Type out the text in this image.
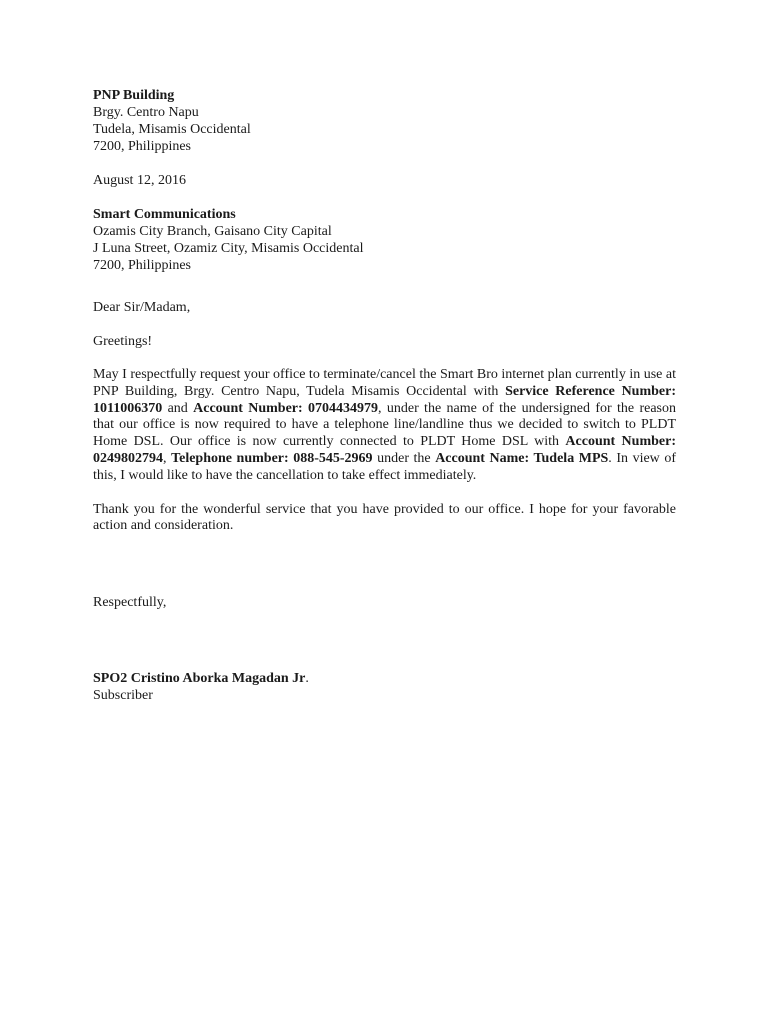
PNP Building
Brgy. Centro Napu
Tudela, Misamis Occidental
7200, Philippines
August 12, 2016
Smart Communications
Ozamis City Branch, Gaisano City Capital
J Luna Street, Ozamiz City, Misamis Occidental
7200, Philippines
Dear Sir/Madam,
Greetings!
May I respectfully request your office to terminate/cancel the Smart Bro internet plan currently in use at PNP Building, Brgy. Centro Napu, Tudela Misamis Occidental with Service Reference Number: 1011006370 and Account Number: 0704434979, under the name of the undersigned for the reason that our office is now required to have a telephone line/landline thus we decided to switch to PLDT Home DSL. Our office is now currently connected to PLDT Home DSL with Account Number: 0249802794, Telephone number: 088-545-2969 under the Account Name: Tudela MPS. In view of this, I would like to have the cancellation to take effect immediately.
Thank you for the wonderful service that you have provided to our office. I hope for your favorable action and consideration.
Respectfully,
SPO2 Cristino Aborka Magadan Jr.
Subscriber
